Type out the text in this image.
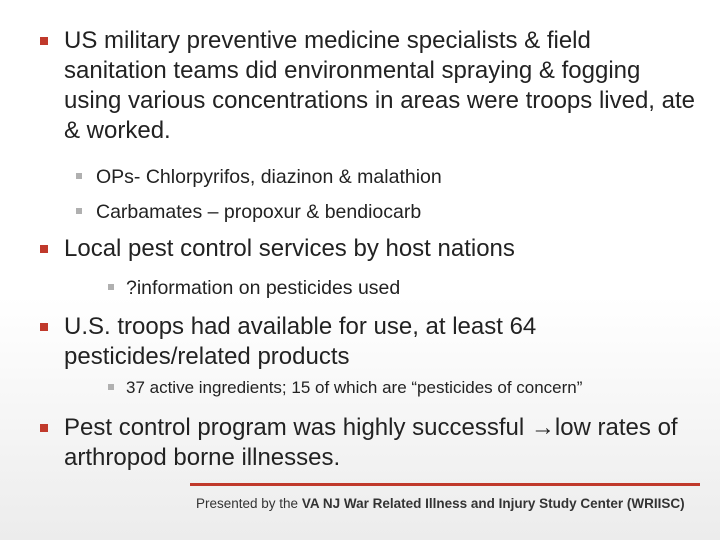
US military preventive medicine specialists & field sanitation teams did environmental spraying & fogging using various concentrations in areas were troops lived, ate & worked.
OPs- Chlorpyrifos, diazinon & malathion
Carbamates – propoxur & bendiocarb
Local pest control services by host nations
?information on pesticides used
U.S. troops had available for use, at least 64 pesticides/related products
37 active ingredients; 15 of which are “pesticides of concern”
Pest control program was highly successful →low rates of arthropod borne illnesses.
Presented by the VA NJ War Related Illness and Injury Study Center (WRIISC)
